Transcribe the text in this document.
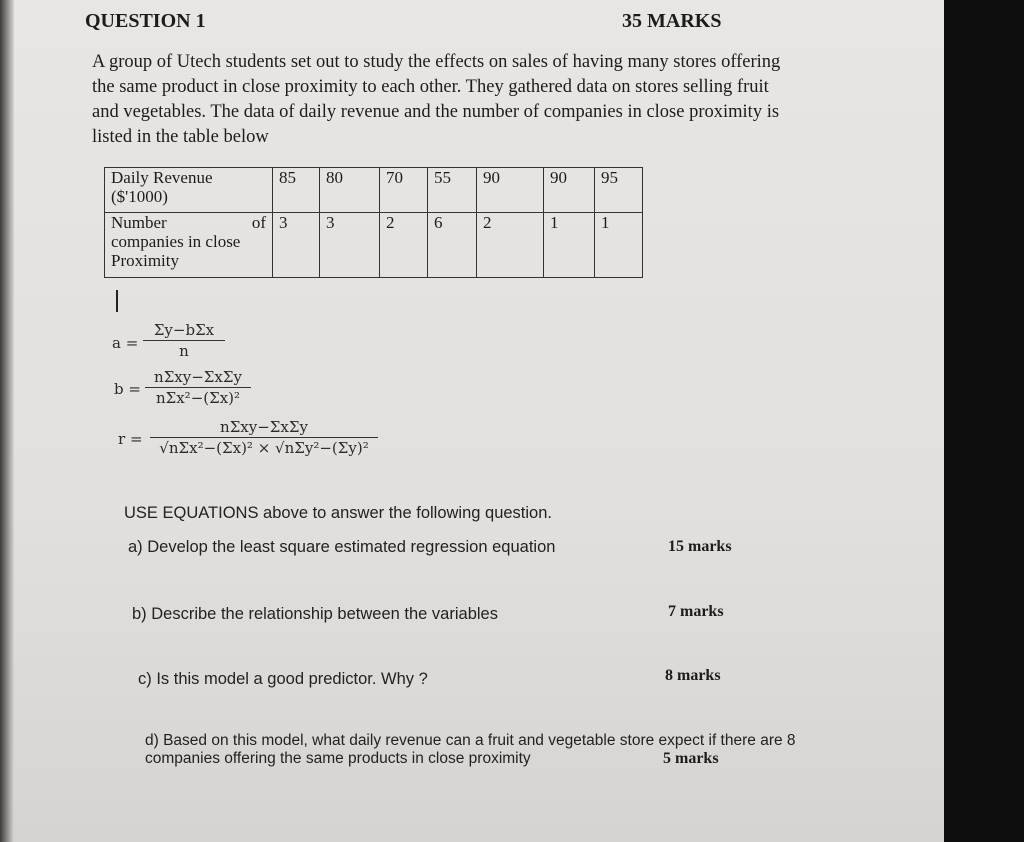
QUESTION 1	35 MARKS
A group of Utech students set out to study the effects on sales of having many stores offering
the same product in close proximity to each other. They gathered data on stores selling fruit
and vegetables. The data of daily revenue and the number of companies in close proximity is
listed in the table below
Daily Revenue
($'1000)	85	80	70	55	90	90	95

Number of
companies in close
Proximity	3	3	2	6	2	1	1
a =
Σy−bΣx
n
b =
nΣxy−ΣxΣy
nΣx²−(Σx)²
r =
nΣxy−ΣxΣy
√nΣx²−(Σx)² × √nΣy²−(Σy)²
USE EQUATIONS above to answer the following question.
a) Develop the least square estimated regression equation	15 marks
b) Describe the relationship between the variables	7 marks
c) Is this model a good predictor. Why ?	8 marks
d) Based on this model, what daily revenue can a fruit and vegetable store expect if there are 8
companies offering the same products in close proximity	5 marks
